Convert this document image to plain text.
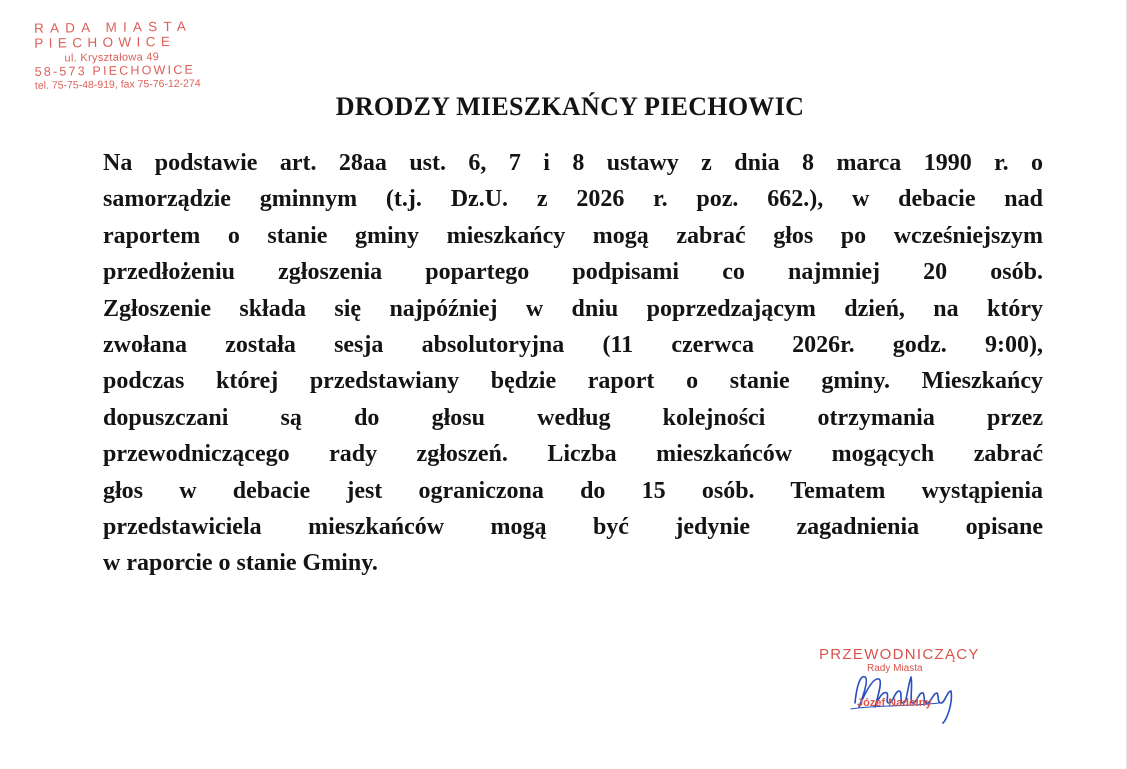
RADA MIASTA
PIECHOWICE
ul. Kryształowa 49
58-573 PIECHOWICE
tel. 75-75-48-919, fax 75-76-12-274
DRODZY MIESZKAŃCY PIECHOWIC
Na podstawie art. 28aa ust. 6, 7 i 8 ustawy z dnia 8 marca 1990 r. o
samorządzie gminnym (t.j. Dz.U. z 2026 r. poz. 662.), w debacie nad
raportem o stanie gminy mieszkańcy mogą zabrać głos po wcześniejszym
przedłożeniu zgłoszenia popartego podpisami co najmniej 20 osób.
Zgłoszenie składa się najpóźniej w dniu poprzedzającym dzień, na który
zwołana została sesja absolutoryjna (11 czerwca 2026r. godz. 9:00),
podczas której przedstawiany będzie raport o stanie gminy. Mieszkańcy
dopuszczani są do głosu według kolejności otrzymania przez
przewodniczącego rady zgłoszeń. Liczba mieszkańców mogących zabrać
głos w debacie jest ograniczona do 15 osób. Tematem wystąpienia
przedstawiciela mieszkańców mogą być jedynie zagadnienia opisane
w raporcie o stanie Gminy.
PRZEWODNICZĄCY
Rady Miasta
Józef Nadolny
